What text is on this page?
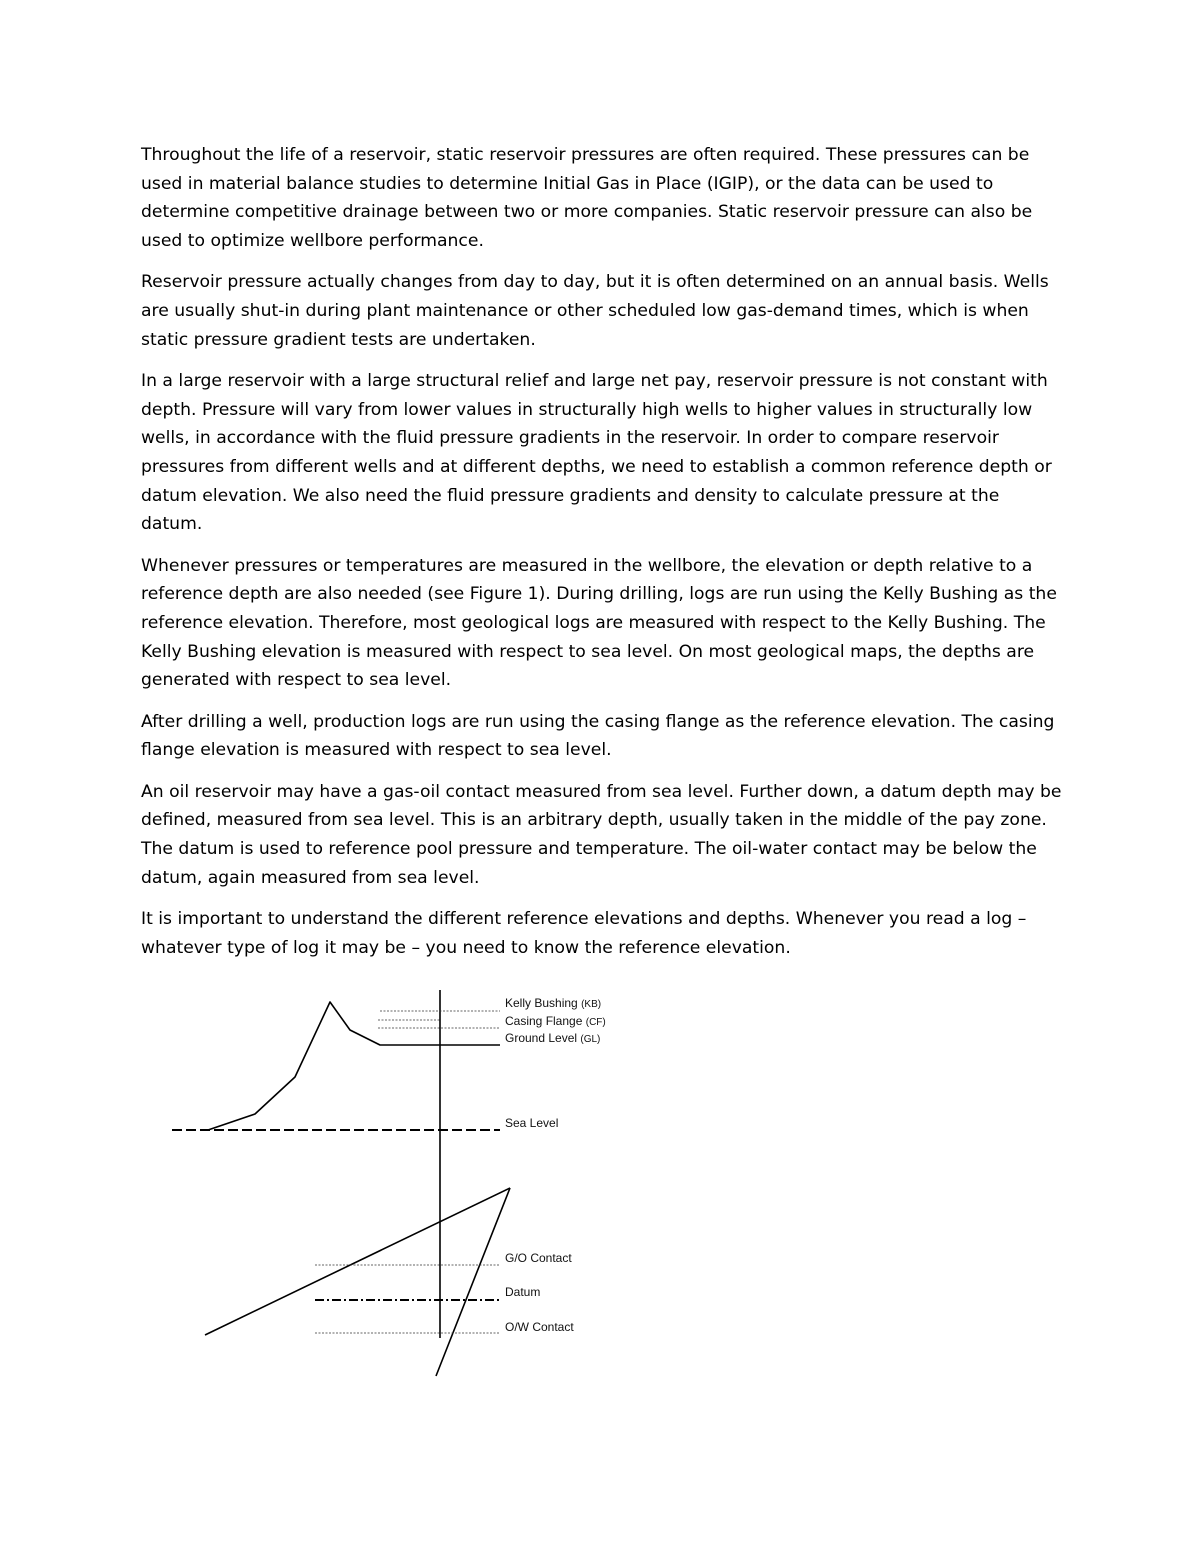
Throughout the life of a reservoir, static reservoir pressures are often required. These pressures can be used in material balance studies to determine Initial Gas in Place (IGIP), or the data can be used to determine competitive drainage between two or more companies. Static reservoir pressure can also be used to optimize wellbore performance.

Reservoir pressure actually changes from day to day, but it is often determined on an annual basis. Wells are usually shut-in during plant maintenance or other scheduled low gas-demand times, which is when static pressure gradient tests are undertaken.

In a large reservoir with a large structural relief and large net pay, reservoir pressure is not constant with depth. Pressure will vary from lower values in structurally high wells to higher values in structurally low wells, in accordance with the fluid pressure gradients in the reservoir. In order to compare reservoir pressures from different wells and at different depths, we need to establish a common reference depth or datum elevation. We also need the fluid pressure gradients and density to calculate pressure at the datum.

Whenever pressures or temperatures are measured in the wellbore, the elevation or depth relative to a reference depth are also needed (see Figure 1). During drilling, logs are run using the Kelly Bushing as the reference elevation. Therefore, most geological logs are measured with respect to the Kelly Bushing. The Kelly Bushing elevation is measured with respect to sea level. On most geological maps, the depths are generated with respect to sea level.

After drilling a well, production logs are run using the casing flange as the reference elevation. The casing flange elevation is measured with respect to sea level.

An oil reservoir may have a gas-oil contact measured from sea level. Further down, a datum depth may be defined, measured from sea level. This is an arbitrary depth, usually taken in the middle of the pay zone. The datum is used to reference pool pressure and temperature. The oil-water contact may be below the datum, again measured from sea level.

It is important to understand the different reference elevations and depths. Whenever you read a log – whatever type of log it may be – you need to know the reference elevation.

Kelly Bushing (KB)
Casing Flange (CF)
Ground Level (GL)
Sea Level
G/O Contact
Datum
O/W Contact
